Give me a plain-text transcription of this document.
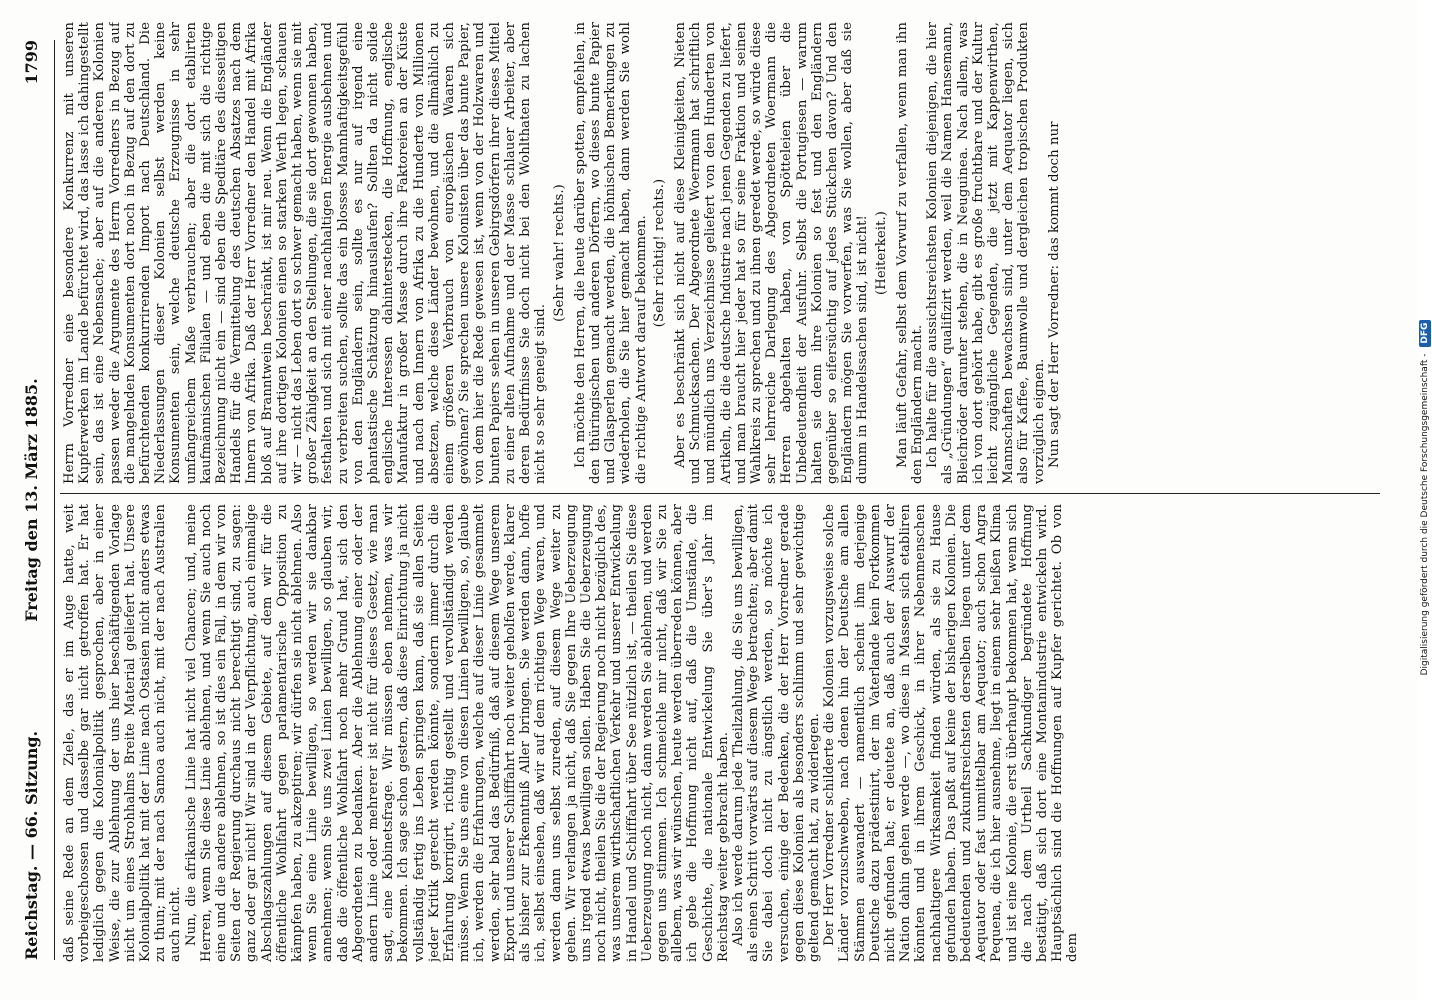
Reichstag. — 66. Sitzung.
Freitag den 13. März 1885.
1799

daß seine Rede an dem Ziele, das er im Auge hatte, weit vorbeigeschossen und dasselbe gar nicht getroffen hat. Er hat lediglich gegen die Kolonialpolitik gesprochen, aber in einer Weise, die zur Ablehnung der uns hier beschäftigenden Vorlage nicht um eines Strohhalms Breite Material geliefert hat. Unsere Kolonialpolitik hat mit der Linie nach Ostasien nicht anders etwas zu thun; mit der nach Samoa auch nicht, mit der nach Australien auch nicht. Nun, die afrikanische Linie hat nicht viel Chancen; und, meine Herren, wenn Sie diese Linie ablehnen, und wenn Sie auch noch eine und die andere ablehnen, so ist dies ein Fall, in dem wir von Seiten der Regierung durchaus nicht berechtigt sind, zu sagen: ganz oder gar nicht! Wir sind in der Verpflichtung, auch einmalige Abschlagszahlungen auf diesem Gebiete, auf dem wir für die öffentliche Wohlfahrt gegen parlamentarische Opposition zu kämpfen haben, zu akzeptiren; wir dürfen sie nicht ablehnen. Also wenn Sie eine Linie bewilligen, so werden wir sie dankbar annehmen; wenn Sie uns zwei Linien bewilligen, so glauben wir, daß die öffentliche Wohlfahrt noch mehr Grund hat, sich den Abgeordneten zu bedanken. Aber die Ablehnung einer oder der andern Linie oder mehrerer ist nicht für dieses Gesetz, wie man sagt, eine Kabinetsfrage. Wir müssen eben nehmen, was wir bekommen. Ich sage schon gestern, daß diese Einrichtung ja nicht vollständig fertig ins Leben springen kann, daß sie allen Seiten jeder Kritik gerecht werden könnte, sondern immer durch die Erfahrung korrigirt, richtig gestellt und vervollständigt werden müsse. Wenn Sie uns eine von diesen Linien bewilligen, so, glaube ich, werden die Erfahrungen, welche auf dieser Linie gesammelt werden, sehr bald das Bedürfniß, daß auf diesem Wege unserem Export und unserer Schifffahrt noch weiter geholfen werde, klarer als bisher zur Erkenntniß Aller bringen. Sie werden dann, hoffe ich, selbst einsehen, daß wir auf dem richtigen Wege waren, und werden dann uns selbst zureden, auf diesem Wege weiter zu gehen. Wir verlangen ja nicht, daß Sie gegen Ihre Ueberzeugung uns irgend etwas bewilligen sollen. Haben Sie die Ueberzeugung noch nicht, theilen Sie die der Regierung noch nicht bezüglich des, was unserem wirthschaftlichen Verkehr und unserer Entwickelung in Handel und Schifffahrt über See nützlich ist, — theilen Sie diese Ueberzeugung noch nicht, dann werden Sie ablehnen, und werden gegen uns stimmen. Ich schmeichle mir nicht, daß wir Sie zu allebem, was wir wünschen, heute werden überreden können, aber ich gebe die Hoffnung nicht auf, daß die Umstände, die Geschichte, die nationale Entwickelung Sie über's Jahr im Reichstag weiter gebracht haben. Also ich werde darum jede Theilzahlung, die Sie uns bewilligen, als einen Schritt vorwärts auf diesem Wege betrachten; aber damit Sie dabei doch nicht zu ängstlich werden, so möchte ich versuchen, einige der Bedenken, die der Herr Vorredner gerade gegen diese Kolonien als besonders schlimm und sehr gewichtige geltend gemacht hat, zu widerlegen. Der Herr Vorredner schilderte die Kolonien vorzugsweise solche Länder vorzuschweben, nach denen hin der Deutsche am allen Stämmen auswandert — namentlich scheint ihm derjenige Deutsche dazu prädestinirt, der im Vaterlande kein Fortkommen nicht gefunden hat; er deutete an, daß auch der Auswurf der Nation dahin gehen werde —, wo diese in Massen sich etabliren könnten und in ihrem Geschick, in ihrer Nebenmenschen nachhaltigere Wirksamkeit finden würden, als sie zu Hause gefunden haben. Das paßt auf keine der bisherigen Kolonien. Die bedeutenden und zukunftsreichsten derselben liegen unter dem Aequator oder fast unmittelbar am Aequator; auch schon Angra Pequena, die ich hier ausnehme, liegt in einem sehr heißen Klima und ist eine Kolonie, die erst überhaupt bekommen hat, wenn sich die nach dem Urtheil Sachkundiger begründete Hoffnung bestätigt, daß sich dort eine Montanindustrie entwickeln wird. Hauptsächlich sind die Hoffnungen auf Kupfer gerichtet. Ob von dem

Herrn Vorredner eine besondere Konkurrenz mit unseren Kupferwerken im Lande befürchtet wird, das lasse ich dahingestellt sein, das ist eine Nebensache; aber auf die anderen Kolonien passen weder die Argumente des Herrn Vorredners in Bezug auf die mangelnden Konsumenten dort noch in Bezug auf den dort zu befürchtenden konkurrirenden Import nach Deutschland. Die Niederlassungen dieser Kolonien selbst werden keine Konsumenten sein, welche deutsche Erzeugnisse in sehr umfangreichem Maße verbrauchen; aber die dort etablirten kaufmännischen Filialen — und eben die mit sich die richtige Bezeichnung nicht ein — sind eben die Speditäre des diesseitigen Handels für die Vermittelung des deutschen Absatzes nach dem Innern von Afrika. Daß der Herr Vorredner den Handel mit Afrika bloß auf Branntwein beschränkt, ist mir neu. Wenn die Engländer auf ihre dortigen Kolonien einen so starken Werth legen, schauen wir — nicht das Leben dort so schwer gemacht haben, wenn sie mit großer Zähigkeit an den Stellungen, die sie dort gewonnen haben, festhalten und sich mit einer nachhaltigen Energie ausbehnen und zu verbreiten suchen, sollte das ein blosses Mannhaftigkeitsgefühl von den Engländern sein, sollte es nur auf irgend eine phantastische Schätzung hinauslaufen? Sollten da nicht solide englische Interessen dahinterstecken, die Hoffnung, englische Manufaktur in großer Masse durch ihre Faktoreien an der Küste und nach dem Innern von Afrika zu die Hunderte von Millionen absetzen, welche diese Länder bewohnen, und die allmählich zu einem größeren Verbrauch von europäischen Waaren sich gewöhnen? Sie sprechen unsere Kolonisten über das bunte Papier, von dem hier die Rede gewesen ist, wenn von der Holzwaren und bunten Papiers sehen in unseren Gebirgsdörfern ihrer dieses Mittel zu einer alten Aufnahme und der Masse schlauer Arbeiter, aber deren Bedürfnisse Sie doch nicht bei den Wohlthaten zu lachen nicht so sehr geneigt sind.

(Sehr wahr! rechts.) Ich möchte den Herren, die heute darüber spotten, empfehlen, in den thüringischen und anderen Dörfern, wo dieses bunte Papier und Glasperlen gemacht werden, die höhnischen Bemerkungen zu wiederholen, die Sie hier gemacht haben, dann werden Sie wohl die richtige Antwort darauf bekommen. (Sehr richtig! rechts.) Aber es beschränkt sich nicht auf diese Kleinigkeiten, Nieten und Schmucksachen. Der Abgeordnete Woermann hat schriftlich und mündlich uns Verzeichnisse geliefert von den Hunderten von Artikeln, die die deutsche Industrie nach jenen Gegenden zu liefert, und man braucht hier jeder hat so für seine Fraktion und seinen Wahlkreis zu sprechen und zu ihnen geredet werde, so würde diese sehr lehrreiche Darlegung des Abgeordneten Woermann die Herren abgehalten haben, von Spötteleien über die Unbedeutendheit der Ausfuhr. Selbst die Portugiesen — warum halten sie denn ihre Kolonien so fest und den Engländern gegenüber so eifersüchtig auf jedes Stückchen davon? Und den Engländern mögen Sie vorwerfen, was Sie wollen, aber daß sie dumm in Handelssachen sind, ist nicht! (Heiterkeit.) Man läuft Gefahr, selbst dem Vorwurf zu verfallen, wenn man ihn den Engländern macht. Ich halte für die aussichtsreichsten Kolonien diejenigen, die hier als „Gründungen“ qualifizirt werden, weil die Namen Hansemann, Bleichröder darunter stehen, die in Neuguinea. Nach allem, was ich von dort gehört habe, gibt es große fruchtbare und der Kultur leicht zugängliche Gegenden, die jetzt mit Kappenwirthen, Mannschaften bewachsen sind, unter dem Aequator liegen, sich also für Kaffee, Baumwolle und dergleichen tropischen Produkten vorzüglich eignen. Nun sagt der Herr Vorredner: das kommt doch nur

Digitalisierung gefördert durch die Deutsche Forschungsgemeinschaft - DFG
